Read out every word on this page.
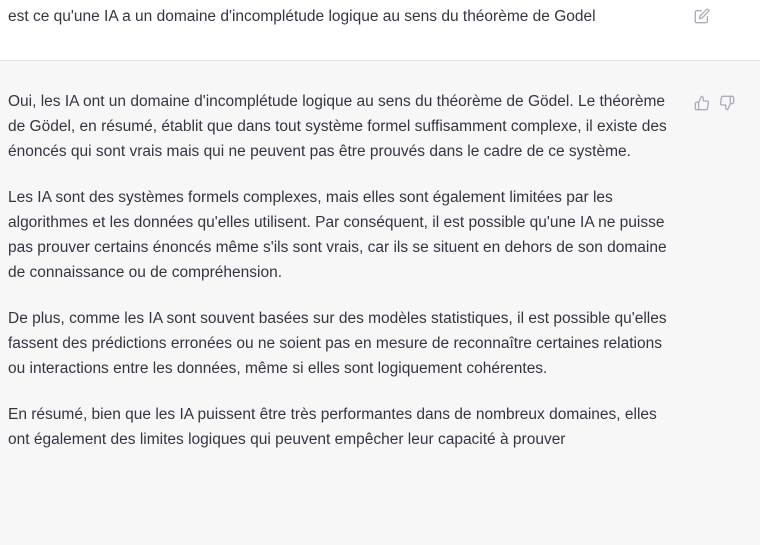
est ce qu'une IA a un domaine d'incomplétude logique au sens du théorème de Godel

Oui, les IA ont un domaine d'incomplétude logique au sens du théorème de Gödel. Le théorème de Gödel, en résumé, établit que dans tout système formel suffisamment complexe, il existe des énoncés qui sont vrais mais qui ne peuvent pas être prouvés dans le cadre de ce système.

Les IA sont des systèmes formels complexes, mais elles sont également limitées par les algorithmes et les données qu'elles utilisent. Par conséquent, il est possible qu'une IA ne puisse pas prouver certains énoncés même s'ils sont vrais, car ils se situent en dehors de son domaine de connaissance ou de compréhension.

De plus, comme les IA sont souvent basées sur des modèles statistiques, il est possible qu'elles fassent des prédictions erronées ou ne soient pas en mesure de reconnaître certaines relations ou interactions entre les données, même si elles sont logiquement cohérentes.

En résumé, bien que les IA puissent être très performantes dans de nombreux domaines, elles ont également des limites logiques qui peuvent empêcher leur capacité à prouver
